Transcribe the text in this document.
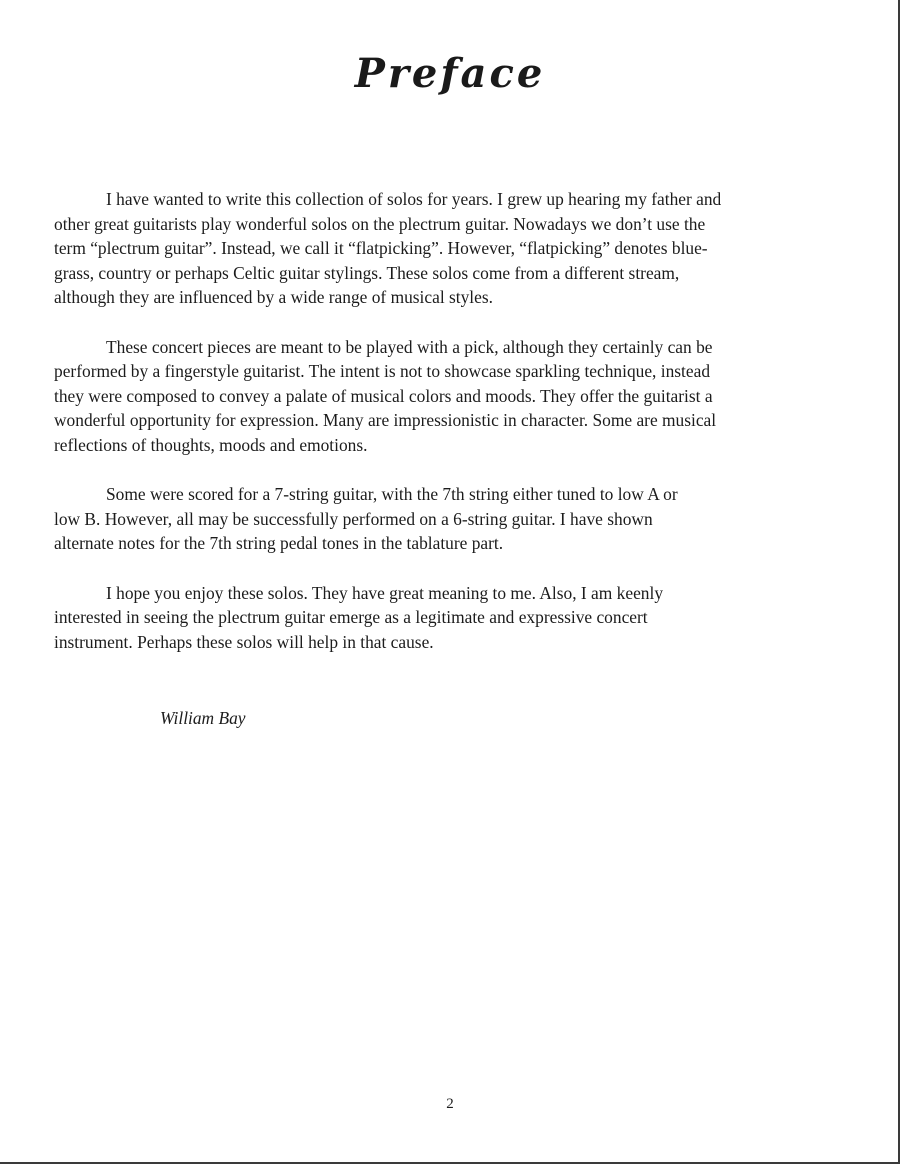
Preface

I have wanted to write this collection of solos for years. I grew up hearing my father and
other great guitarists play wonderful solos on the plectrum guitar. Nowadays we don’t use the
term “plectrum guitar”. Instead, we call it “flatpicking”. However, “flatpicking” denotes blue-
grass, country or perhaps Celtic guitar stylings. These solos come from a different stream,
although they are influenced by a wide range of musical styles.

These concert pieces are meant to be played with a pick, although they certainly can be
performed by a fingerstyle guitarist. The intent is not to showcase sparkling technique, instead
they were composed to convey a palate of musical colors and moods. They offer the guitarist a
wonderful opportunity for expression. Many are impressionistic in character. Some are musical
reflections of thoughts, moods and emotions.

Some were scored for a 7-string guitar, with the 7th string either tuned to low A or
low B. However, all may be successfully performed on a 6-string guitar. I have shown
alternate notes for the 7th string pedal tones in the tablature part.

I hope you enjoy these solos. They have great meaning to me. Also, I am keenly
interested in seeing the plectrum guitar emerge as a legitimate and expressive concert
instrument. Perhaps these solos will help in that cause.

William Bay

2
